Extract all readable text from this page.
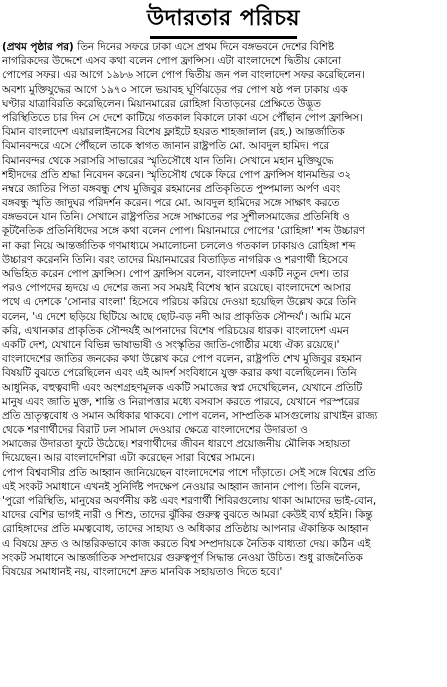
উদারতার পরিচয়
(প্রথম পৃষ্ঠার পর) তিন দিনের সফরে ঢাকা এসে প্রথম দিনে বঙ্গভবনে দেশের বিশিষ্ট
নাগরিকদের উদ্দেশে এসব কথা বলেন পোপ ফ্রান্সিস। এটা বাংলাদেশে দ্বিতীয় কোনো
পোপের সফর। এর আগে ১৯৮৬ সালে পোপ দ্বিতীয় জন পল বাংলাদেশ সফর করেছিলেন।
অবশ্য মুক্তিযুদ্ধের আগে ১৯৭০ সালে ভয়াবহ ঘূর্ণিঝড়ের পর পোপ ষষ্ঠ পল ঢাকায় এক
ঘণ্টার যাত্রাবিরতি করেছিলেন। মিয়ানমারের রোহিঙ্গা বিতাড়নের প্রেক্ষিতে উদ্ভূত
পরিস্থিতিতে চার দিন সে দেশে কাটিয়ে গতকাল বিকালে ঢাকা এসে পৌঁছান পোপ ফ্রান্সিস।
বিমান বাংলাদেশ এয়ারলাইনসের বিশেষ ফ্লাইটে হযরত শাহজালাল (রহ.) আন্তর্জাতিক
বিমানবন্দরে এসে পৌঁছলে তাকে স্বাগত জানান রাষ্ট্রপতি মো. আবদুল হামিদ। পরে
বিমানবন্দর থেকে সরাসরি সাভারের স্মৃতিসৌধে যান তিনি। সেখানে মহান মুক্তিযুদ্ধে
শহীদদের প্রতি শ্রদ্ধা নিবেদন করেন। স্মৃতিসৌধ থেকে ফিরে পোপ ফ্রান্সিস ধানমন্ডির ৩২
নম্বরে জাতির পিতা বঙ্গবন্ধু শেখ মুজিবুর রহমানের প্রতিকৃতিতে পুষ্পমাল্য অর্পণ এবং
বঙ্গবন্ধু স্মৃতি জাদুঘর পরিদর্শন করেন। পরে মো. আবদুল হামিদের সঙ্গে সাক্ষাৎ করতে
বঙ্গভবনে যান তিনি। সেখানে রাষ্ট্রপতির সঙ্গে সাক্ষাতের পর সুশীলসমাজের প্রতিনিধি ও
কূটনৈতিক প্রতিনিধিদের সঙ্গে কথা বলেন পোপ। মিয়ানমারে পোপের 'রোহিঙ্গা' শব্দ উচ্চারণ
না করা নিয়ে আন্তর্জাতিক গণমাধ্যমে সমালোচনা চললেও গতকাল ঢাকায়ও রোহিঙ্গা শব্দ
উচ্চারণ করেননি তিনি। বরং তাদের মিয়ানমারের বিতাড়িত নাগরিক ও শরণার্থী হিসেবে
অভিহিত করেন পোপ ফ্রান্সিস। পোপ ফ্রান্সিস বলেন, বাংলাদেশ একটি নতুন দেশ। তার
পরও পোপদের হৃদয়ে এ দেশের জন্য সব সময়ই বিশেষ স্থান রয়েছে। বাংলাদেশে আসার
পথে এ দেশকে 'সোনার বাংলা' হিসেবে পরিচয় করিয়ে দেওয়া হয়েছিল উল্লেখ করে তিনি
বলেন, 'এ দেশে ছড়িয়ে ছিটিয়ে আছে ছোট-বড় নদী আর প্রাকৃতিক সৌন্দর্য'। আমি মনে
করি, এখানকার প্রাকৃতিক সৌন্দর্যই আপনাদের বিশেষ পরিচয়ের ধারক। বাংলাদেশ এমন
একটি দেশ, যেখানে বিভিন্ন ভাষাভাষী ও সংস্কৃতির জাতি-গোষ্ঠীর মধ্যে ঐক্য রয়েছে।'
বাংলাদেশের জাতির জনকের কথা উল্লেখ করে পোপ বলেন, রাষ্ট্রপতি শেখ মুজিবুর রহমান
বিষয়টি বুঝতে পেরেছিলেন এবং এই আদর্শ সংবিধানে যুক্ত করার কথা বলেছিলেন। তিনি
আধুনিক, বহুত্ববাদী এবং অংশগ্রহণমূলক একটি সমাজের স্বপ্ন দেখেছিলেন, যেখানে প্রতিটি
মানুষ এবং জাতি মুক্ত, শান্তি ও নিরাপত্তার মধ্যে বসবাস করতে পারবে, যেখানে পরস্পরের
প্রতি ভ্রাতৃত্ববোধ ও সমান অধিকার থাকবে। পোপ বলেন, সাম্প্রতিক মাসগুলোয় রাখাইন রাজ্য
থেকে শরণার্থীদের বিরাট ঢল সামাল দেওয়ার ক্ষেত্রে বাংলাদেশের উদারতা ও
সমাজের উদারতা ফুটে উঠেছে। শরণার্থীদের জীবন ধারণে প্রয়োজনীয় মৌলিক সহায়তা
দিয়েছেন। আর বাংলাদেশিরা এটা করেছেন সারা বিশ্বের সামনে।
পোপ বিশ্ববাসীর প্রতি আহ্বান জানিয়েছেন বাংলাদেশের পাশে দাঁড়াতে। সেই সঙ্গে বিশ্বের প্রতি
এই সংকট সমাধানে এখনই সুনির্দিষ্ট পদক্ষেপ নেওয়ার আহ্বান জানান পোপ। তিনি বলেন,
'পুরো পরিস্থিতি, মানুষের অবর্ণনীয় কষ্ট এবং শরণার্থী শিবিরগুলোয় থাকা আমাদের ভাই-বোন,
যাদের বেশির ভাগই নারী ও শিশু, তাদের ঝুঁকির গুরুত্ব বুঝতে আমরা কেউই ব্যর্থ হইনি। কিন্তু
রোহিঙ্গাদের প্রতি মমত্ববোধ, তাদের সাহায্য ও অধিকার প্রতিষ্ঠায় আপনার ঐকান্তিক আহ্বান
এ বিষয়ে দ্রুত ও আন্তরিকভাবে কাজ করতে বিশ্ব সম্প্রদায়কে নৈতিক বাধ্যতা দেয়। কঠিন এই
সংকট সমাধানে আন্তর্জাতিক সম্প্রদায়ের গুরুত্বপূর্ণ সিদ্ধান্ত নেওয়া উচিত। শুধু রাজনৈতিক
বিষয়ের সমাধানই নয়, বাংলাদেশে দ্রুত মানবিক সহায়তাও দিতে হবে।'
